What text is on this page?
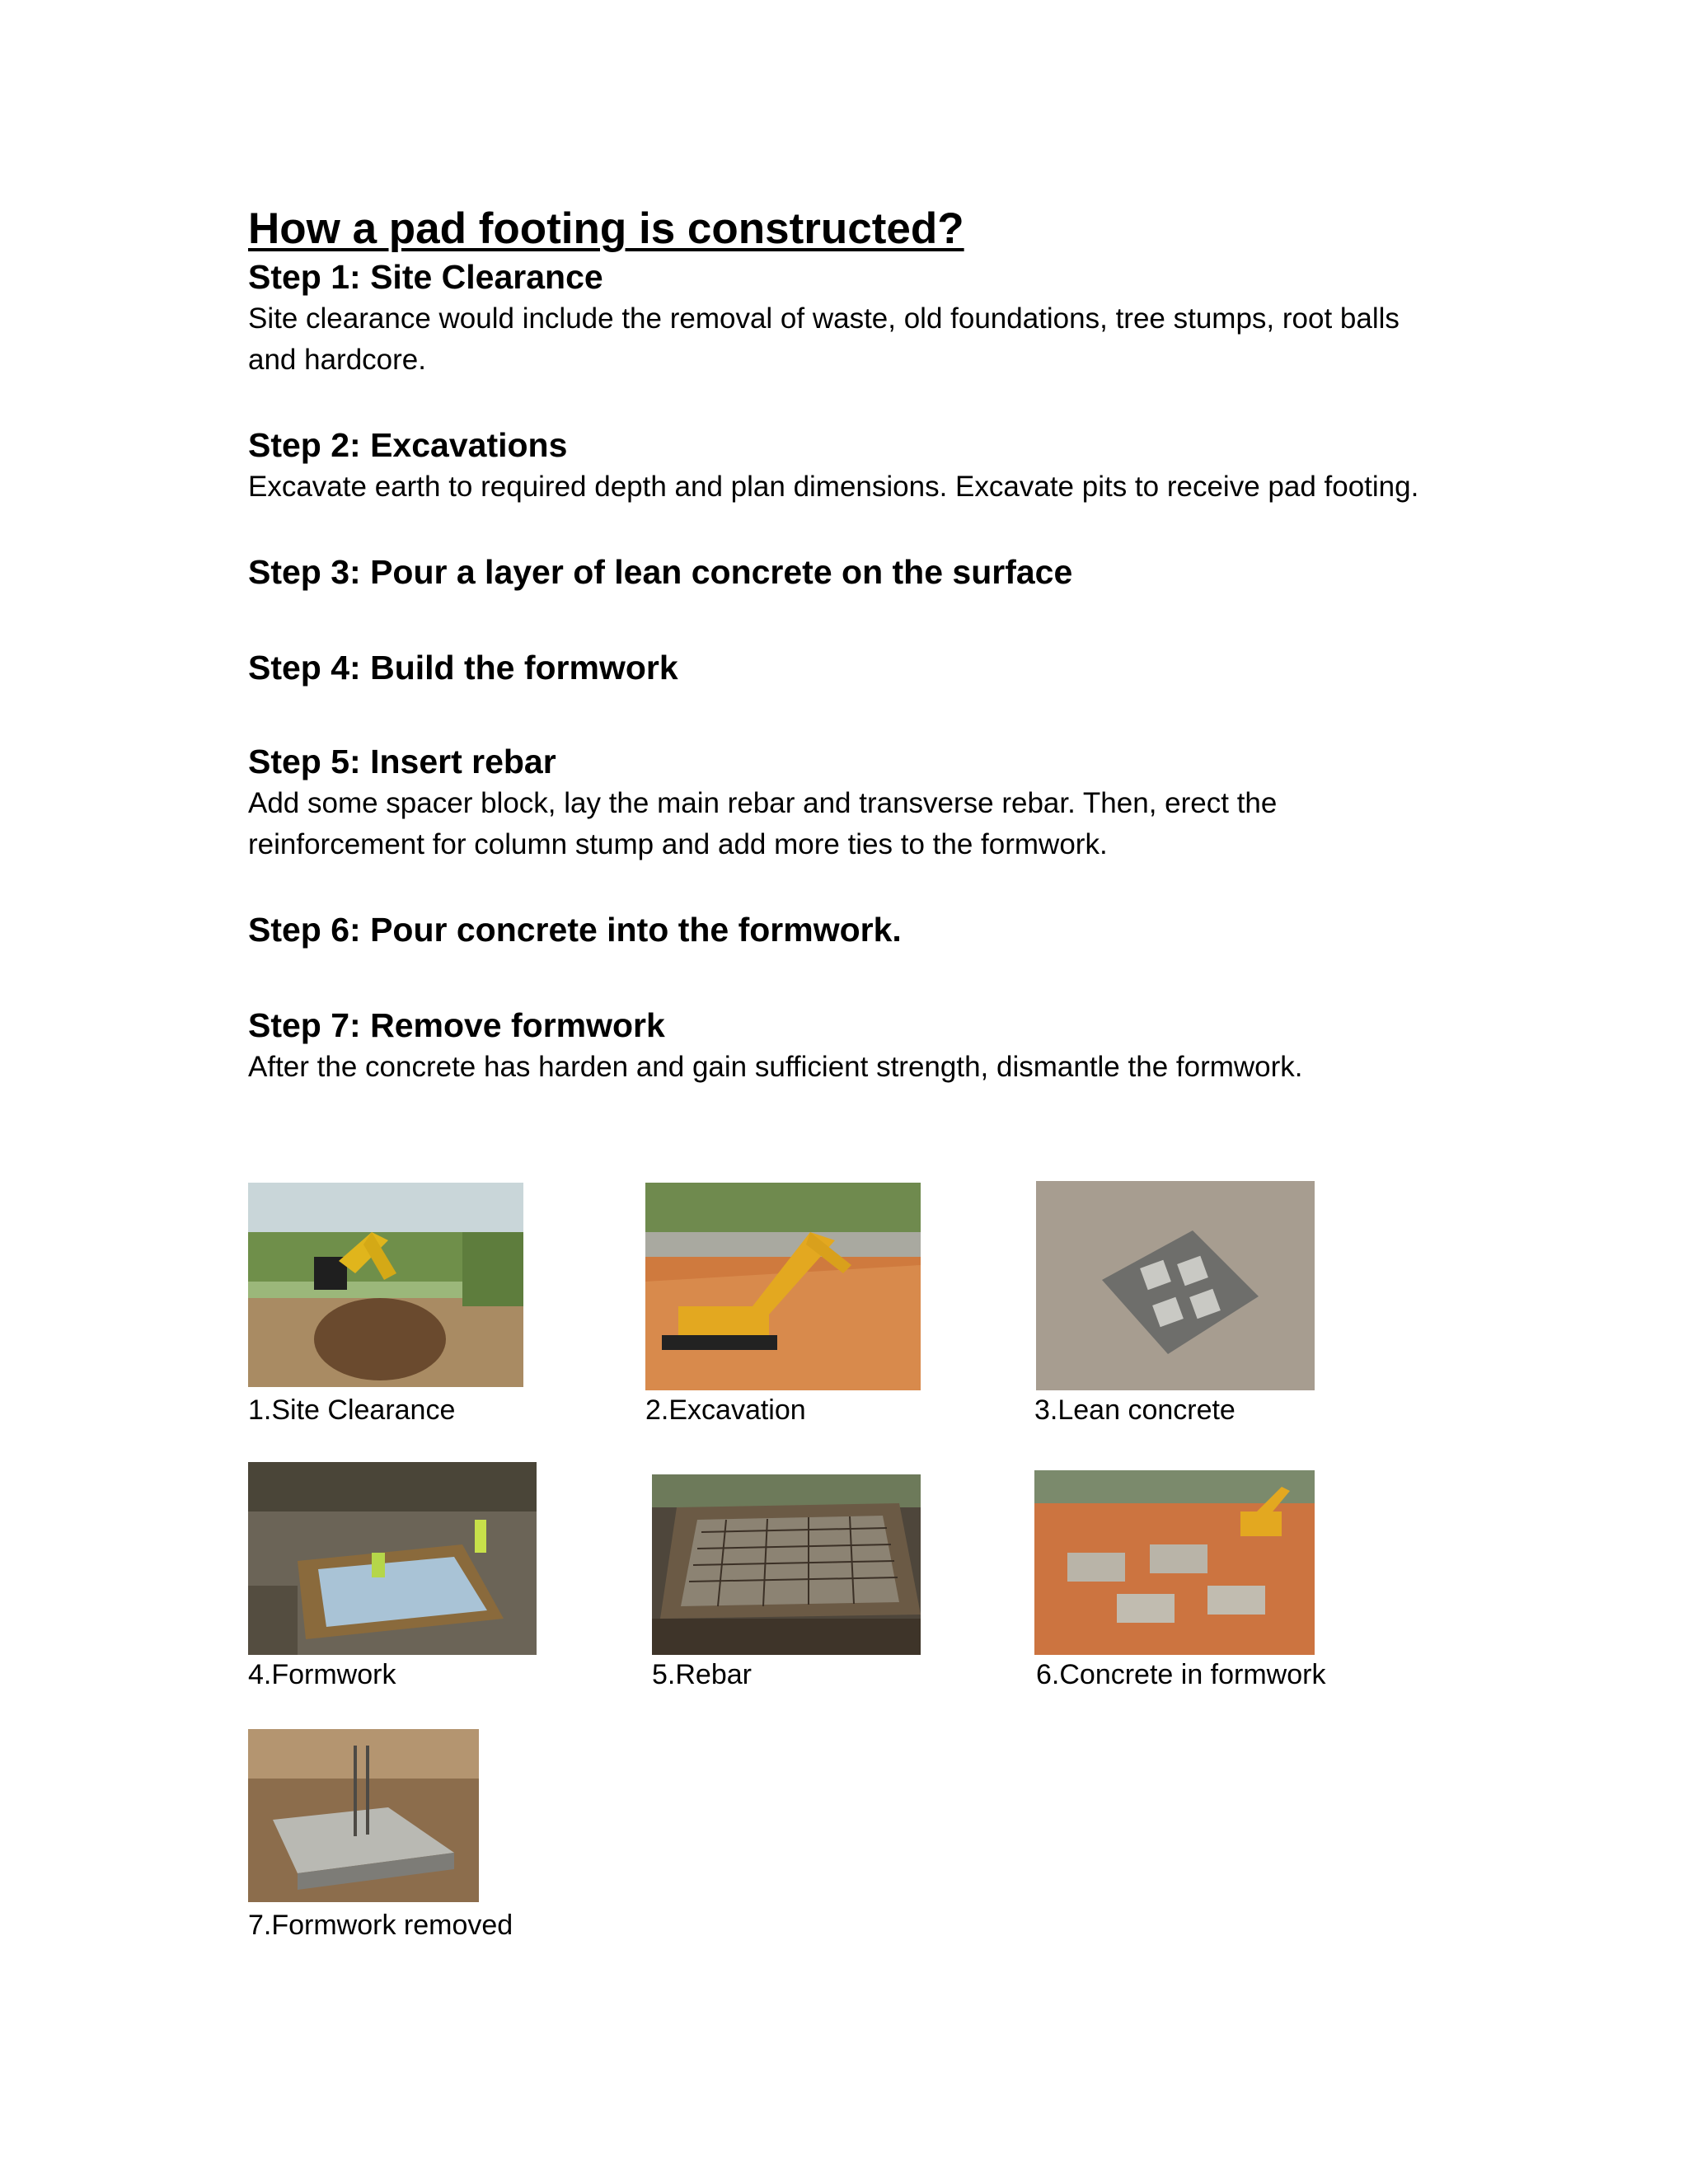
How a pad footing is constructed?
Step 1: Site Clearance

Site clearance would include the removal of waste, old foundations, tree stumps, root balls and hardcore.

Step 2: Excavations

Excavate earth to required depth and plan dimensions. Excavate pits to receive pad footing.

Step 3: Pour a layer of lean concrete on the surface
Step 4: Build the formwork
Step 5: Insert rebar

Add some spacer block, lay the main rebar and transverse rebar. Then, erect the reinforcement for column stump and add more ties to the formwork.

Step 6: Pour concrete into the formwork.
Step 7: Remove formwork

After the concrete has harden and gain sufficient strength, dismantle the formwork.

1.Site Clearance	2.Excavation	3.Lean concrete
4.Formwork	5.Rebar	6.Concrete in formwork
7.Formwork removed
